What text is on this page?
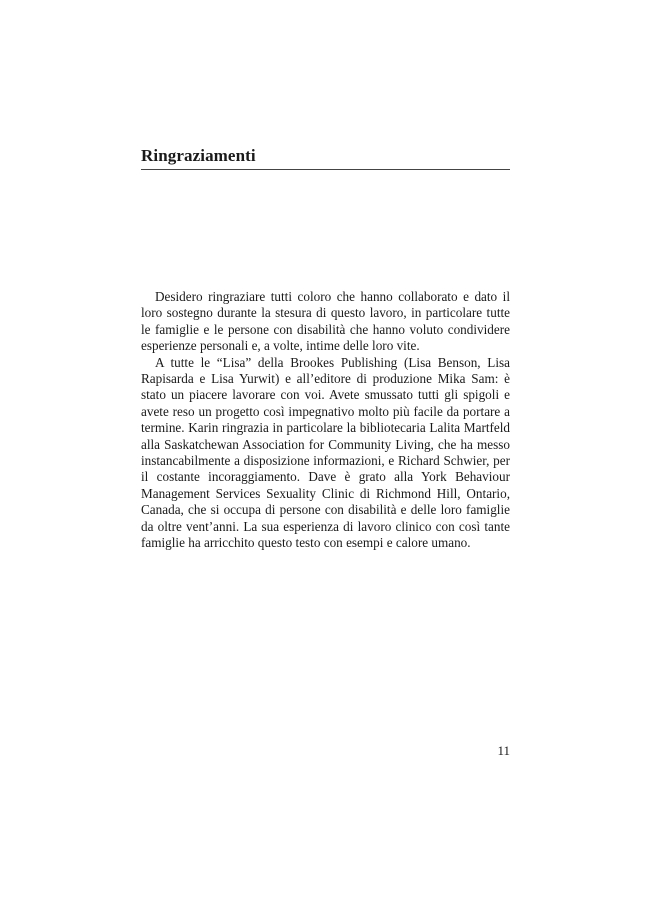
Ringraziamenti

Desidero ringraziare tutti coloro che hanno collaborato e dato il loro sostegno durante la stesura di questo lavoro, in particolare tutte le famiglie e le persone con disabilità che hanno voluto condividere esperienze personali e, a volte, intime delle loro vite.

A tutte le “Lisa” della Brookes Publishing (Lisa Benson, Lisa Rapisarda e Lisa Yurwit) e all’editore di produzione Mika Sam: è stato un piacere lavorare con voi. Avete smussato tutti gli spigoli e avete reso un progetto così impegnativo molto più facile da portare a termine. Karin ringrazia in particolare la bibliotecaria Lalita Martfeld alla Saskatchewan Association for Community Living, che ha messo instancabilmente a disposizione informazioni, e Richard Schwier, per il costante incoraggiamento. Dave è grato alla York Behaviour Management Services Sexuality Clinic di Richmond Hill, Ontario, Canada, che si occupa di persone con disabilità e delle loro famiglie da oltre vent’anni. La sua esperienza di lavoro clinico con così tante famiglie ha arricchito questo testo con esempi e calore umano.

11
